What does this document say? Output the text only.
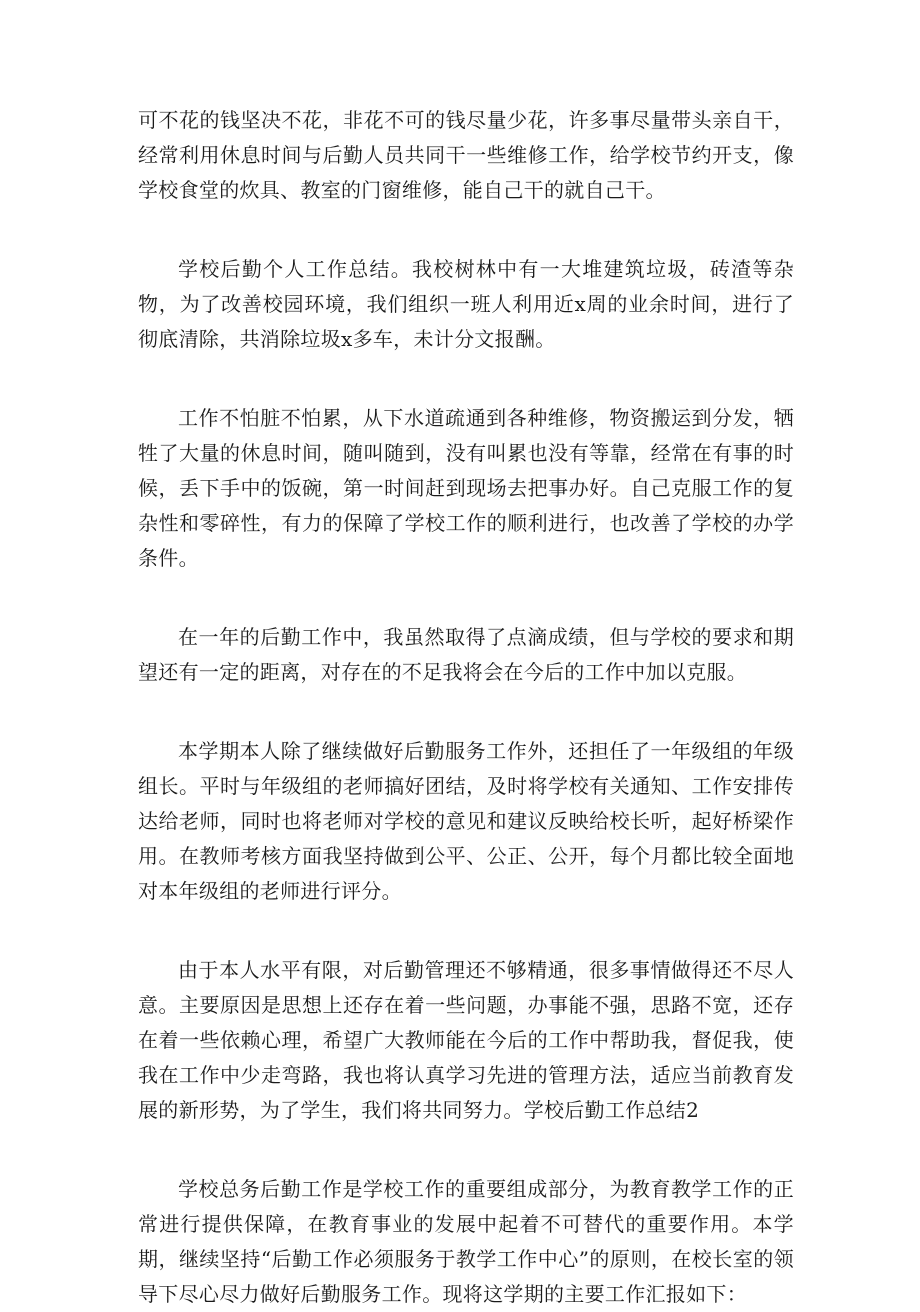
可不花的钱坚决不花，非花不可的钱尽量少花，许多事尽量带头亲自干，经常利用休息时间与后勤人员共同干一些维修工作，给学校节约开支，像学校食堂的炊具、教室的门窗维修，能自己干的就自己干。

学校后勤个人工作总结。我校树林中有一大堆建筑垃圾，砖渣等杂物，为了改善校园环境，我们组织一班人利用近x周的业余时间，进行了彻底清除，共消除垃圾x多车，未计分文报酬。

工作不怕脏不怕累，从下水道疏通到各种维修，物资搬运到分发，牺牲了大量的休息时间，随叫随到，没有叫累也没有等靠，经常在有事的时候，丢下手中的饭碗，第一时间赶到现场去把事办好。自己克服工作的复杂性和零碎性，有力的保障了学校工作的顺利进行，也改善了学校的办学条件。

在一年的后勤工作中，我虽然取得了点滴成绩，但与学校的要求和期望还有一定的距离，对存在的不足我将会在今后的工作中加以克服。

本学期本人除了继续做好后勤服务工作外，还担任了一年级组的年级组长。平时与年级组的老师搞好团结，及时将学校有关通知、工作安排传达给老师，同时也将老师对学校的意见和建议反映给校长听，起好桥梁作用。在教师考核方面我坚持做到公平、公正、公开，每个月都比较全面地对本年级组的老师进行评分。

由于本人水平有限，对后勤管理还不够精通，很多事情做得还不尽人意。主要原因是思想上还存在着一些问题，办事能不强，思路不宽，还存在着一些依赖心理，希望广大教师能在今后的工作中帮助我，督促我，使我在工作中少走弯路，我也将认真学习先进的管理方法，适应当前教育发展的新形势，为了学生，我们将共同努力。学校后勤工作总结2

学校总务后勤工作是学校工作的重要组成部分，为教育教学工作的正常进行提供保障，在教育事业的发展中起着不可替代的重要作用。本学期，继续坚持“后勤工作必须服务于教学工作中心”的原则，在校长室的领导下尽心尽力做好后勤服务工作。现将这学期的主要工作汇报如下：
